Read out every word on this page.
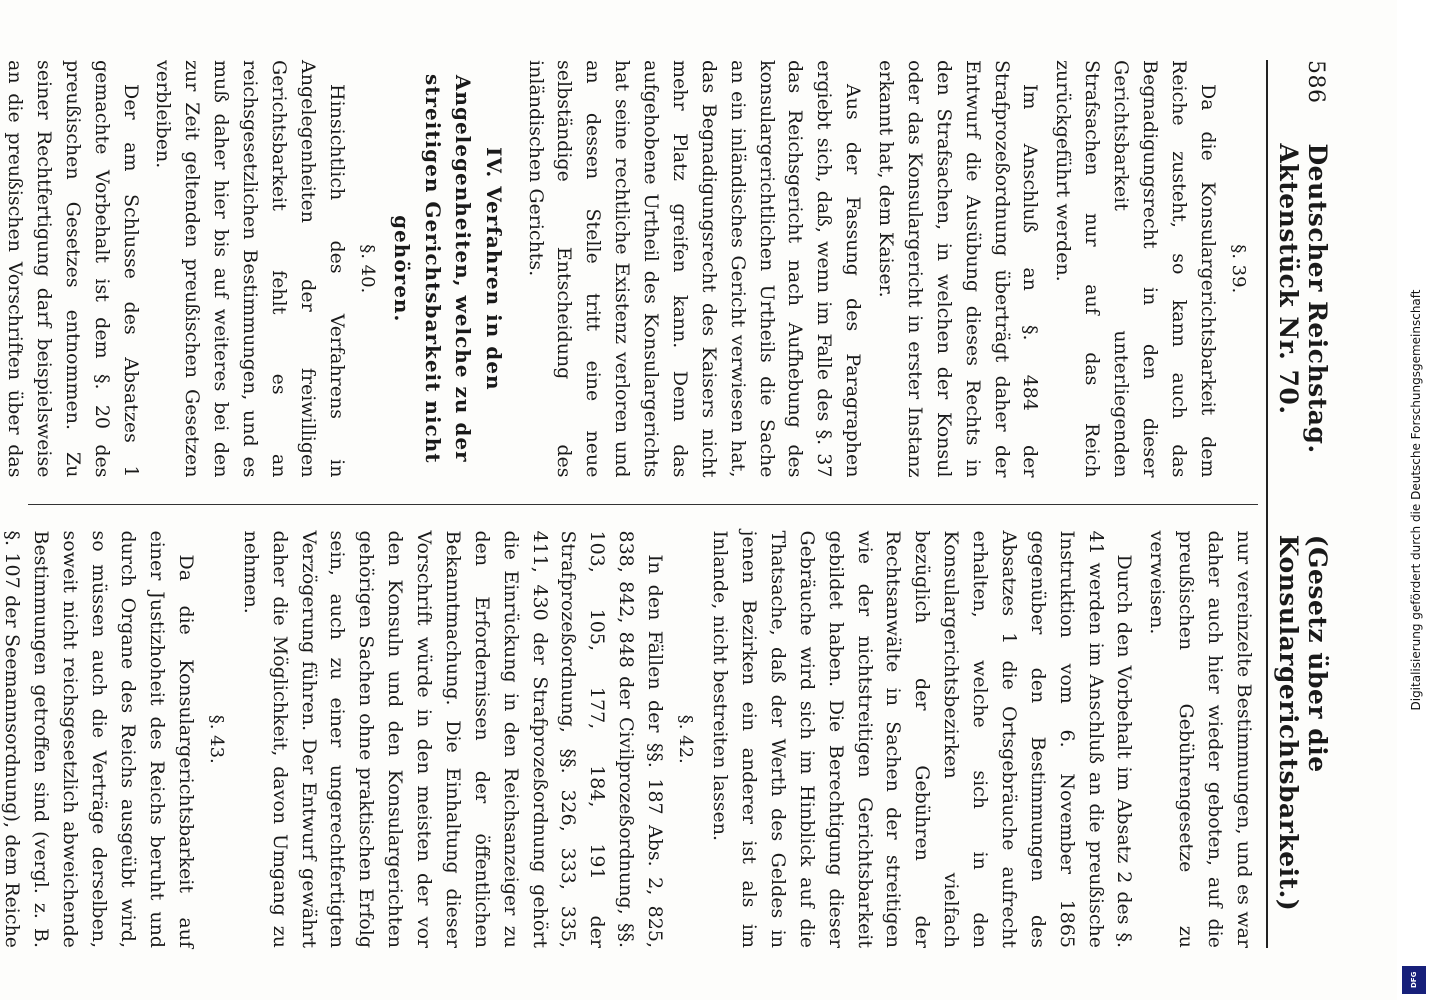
586
Deutscher Reichstag. Aktenstück Nr. 70.
(Gesetz über die Konsulargerichtsbarkeit.)
§. 39.

Da die Konsulargerichtsbarkeit dem Reiche zusteht, so kann auch das Begnadigungsrecht in den dieser Gerichtsbarkeit unterliegenden Strafsachen nur auf das Reich zurückgeführt werden.

Im Anschluß an §. 484 der Strafprozeßordnung überträgt daher der Entwurf die Ausübung dieses Rechts in den Strafsachen, in welchen der Konsul oder das Konsulargericht in erster Instanz erkannt hat, dem Kaiser.

Aus der Fassung des Paragraphen ergiebt sich, daß, wenn im Falle des §. 37 das Reichsgericht nach Aufhebung des konsulargerichtlichen Urtheils die Sache an ein inländisches Gericht verwiesen hat, das Begnadigungsrecht des Kaisers nicht mehr Platz greifen kann. Denn das aufgehobene Urtheil des Konsulargerichts hat seine rechtliche Existenz verloren und an dessen Stelle tritt eine neue selbständige Entscheidung des inländischen Gerichts.

IV. Verfahren in den Angelegenheiten, welche zu der streitigen Gerichtsbarkeit nicht gehören.
§. 40.

Hinsichtlich des Verfahrens in Angelegenheiten der freiwilligen Gerichtsbarkeit fehlt es an reichsgesetzlichen Bestimmungen, und es muß daher hier bis auf weiteres bei den zur Zeit geltenden preußischen Gesetzen verbleiben.

Der am Schlusse des Absatzes 1 gemachte Vorbehalt ist dem §. 20 des preußischen Gesetzes entnommen. Zu seiner Rechtfertigung darf beispielsweise an die preußischen Vorschriften über das

nur vereinzelte Bestimmungen, und es war daher auch hier wieder geboten, auf die preußischen Gebührengesetze zu verweisen.

Durch den Vorbehalt im Absatz 2 des §. 41 werden im Anschluß an die preußische Instruktion vom 6. November 1865 gegenüber den Bestimmungen des Absatzes 1 die Ortsgebräuche aufrecht erhalten, welche sich in den Konsulargerichtsbezirken vielfach bezüglich der Gebühren der Rechtsanwälte in Sachen der streitigen wie der nichtstreitigen Gerichtsbarkeit gebildet haben. Die Berechtigung dieser Gebräuche wird sich im Hinblick auf die Thatsache, daß der Werth des Geldes in jenen Bezirken ein anderer ist als im Inlande, nicht bestreiten lassen.

§. 42.

In den Fällen der §§. 187 Abs. 2, 825, 838, 842, 848 der Civilprozeßordnung, §§. 103, 105, 177, 184, 191 der Strafprozeßordnung, §§. 326, 333, 335, 411, 430 der Strafprozeßordnung gehört die Einrückung in den Reichsanzeiger zu den Erfordernissen der öffentlichen Bekanntmachung. Die Einhaltung dieser Vorschrift würde in den meisten der vor den Konsuln und den Konsulargerichten gehörigen Sachen ohne praktischen Erfolg sein, auch zu einer ungerechtfertigten Verzögerung führen. Der Entwurf gewährt daher die Möglichkeit, davon Umgang zu nehmen.

§. 43.

Da die Konsulargerichtsbarkeit auf einer Justizhoheit des Reichs beruht und durch Organe des Reichs ausgeübt wird, so müssen auch die Verträge derselben, soweit nicht reichsgesetzlich abweichende Bestimmungen getroffen sind (vergl. z. B. §. 107 der Seemannsordnung), dem Reiche

Digitalisierung gefördert durch die Deutsche Forschungsgemeinschaft
DFG
